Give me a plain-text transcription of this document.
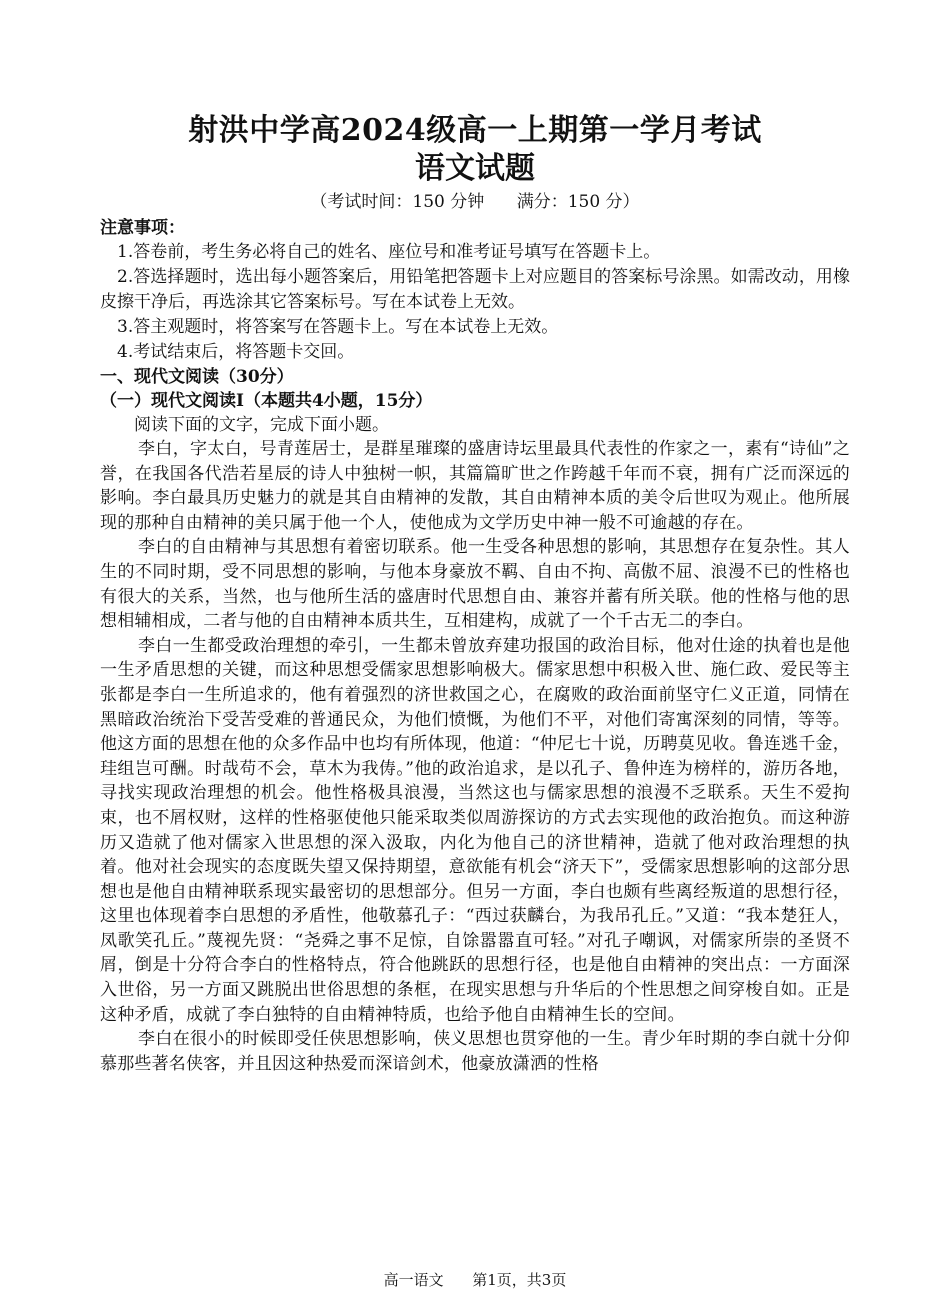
射洪中学高2024级高一上期第一学月考试
语文试题

（考试时间：150 分钟      满分：150 分）

注意事项：

1.答卷前，考生务必将自己的姓名、座位号和准考证号填写在答题卡上。

2.答选择题时，选出每小题答案后，用铅笔把答题卡上对应题目的答案标号涂黑。如需改动，用橡皮擦干净后，再选涂其它答案标号。写在本试卷上无效。

3.答主观题时，将答案写在答题卡上。写在本试卷上无效。

4.考试结束后，将答题卡交回。

一、现代文阅读（30分）

（一）现代文阅读Ⅰ（本题共4小题，15分）

阅读下面的文字，完成下面小题。

李白，字太白，号青莲居士，是群星璀璨的盛唐诗坛里最具代表性的作家之一，素有“诗仙”之誉，在我国各代浩若星辰的诗人中独树一帜，其篇篇旷世之作跨越千年而不衰，拥有广泛而深远的影响。李白最具历史魅力的就是其自由精神的发散，其自由精神本质的美令后世叹为观止。他所展现的那种自由精神的美只属于他一个人，使他成为文学历史中神一般不可逾越的存在。

李白的自由精神与其思想有着密切联系。他一生受各种思想的影响，其思想存在复杂性。其人生的不同时期，受不同思想的影响，与他本身豪放不羁、自由不拘、高傲不屈、浪漫不已的性格也有很大的关系，当然，也与他所生活的盛唐时代思想自由、兼容并蓄有所关联。他的性格与他的思想相辅相成，二者与他的自由精神本质共生，互相建构，成就了一个千古无二的李白。

李白一生都受政治理想的牵引，一生都未曾放弃建功报国的政治目标，他对仕途的执着也是他一生矛盾思想的关键，而这种思想受儒家思想影响极大。儒家思想中积极入世、施仁政、爱民等主张都是李白一生所追求的，他有着强烈的济世救国之心，在腐败的政治面前坚守仁义正道，同情在黑暗政治统治下受苦受难的普通民众，为他们愤慨，为他们不平，对他们寄寓深刻的同情，等等。他这方面的思想在他的众多作品中也均有所体现，他道：“仲尼七十说，历聘莫见收。鲁连逃千金，珪组岂可酬。时哉苟不会，草木为我俦。”他的政治追求，是以孔子、鲁仲连为榜样的，游历各地，寻找实现政治理想的机会。他性格极具浪漫，当然这也与儒家思想的浪漫不乏联系。天生不爱拘束，也不屑权财，这样的性格驱使他只能采取类似周游探访的方式去实现他的政治抱负。而这种游历又造就了他对儒家入世思想的深入汲取，内化为他自己的济世精神，造就了他对政治理想的执着。他对社会现实的态度既失望又保持期望，意欲能有机会“济天下”，受儒家思想影响的这部分思想也是他自由精神联系现实最密切的思想部分。但另一方面，李白也颇有些离经叛道的思想行径，这里也体现着李白思想的矛盾性，他敬慕孔子：“西过获麟台，为我吊孔丘。”又道：“我本楚狂人，凤歌笑孔丘。”蔑视先贤：“尧舜之事不足惊，自馀嚣嚣直可轻。”对孔子嘲讽，对儒家所崇的圣贤不屑，倒是十分符合李白的性格特点，符合他跳跃的思想行径，也是他自由精神的突出点：一方面深入世俗，另一方面又跳脱出世俗思想的条框，在现实思想与升华后的个性思想之间穿梭自如。正是这种矛盾，成就了李白独特的自由精神特质，也给予他自由精神生长的空间。

李白在很小的时候即受任侠思想影响，侠义思想也贯穿他的一生。青少年时期的李白就十分仰慕那些著名侠客，并且因这种热爱而深谙剑术，他豪放潇洒的性格

高一语文      第1页，共3页
